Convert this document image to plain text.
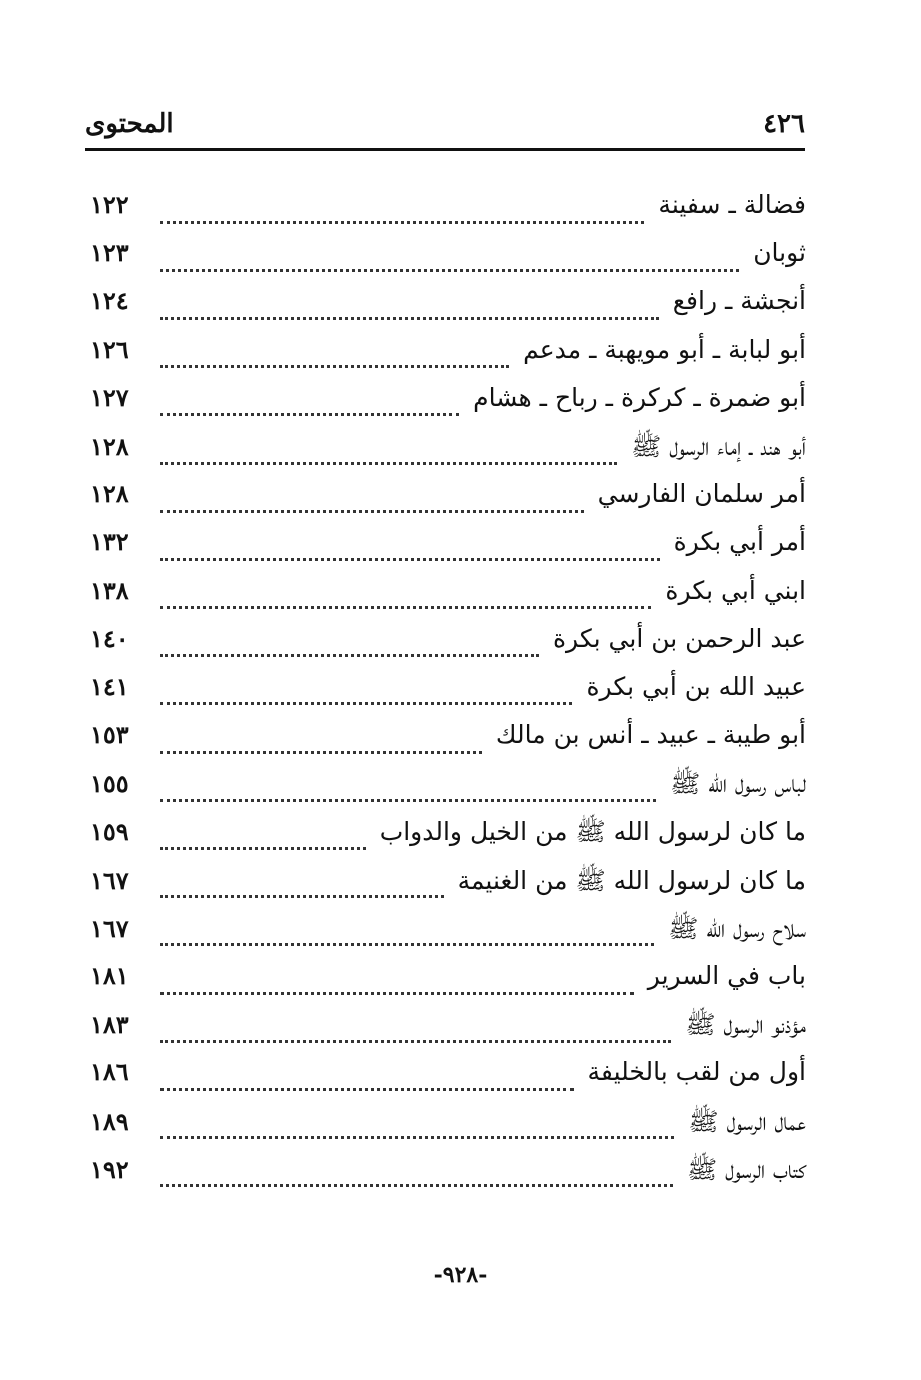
٤٢٦
المحتوى
فضالة ـ سفينة
١٢٢
ثوبان
١٢٣
أنجشة ـ رافع
١٢٤
أبو لبابة ـ أبو مويهبة ـ مدعم
١٢٦
أبو ضمرة ـ كركرة ـ رباح ـ هشام
١٢٧
أبو هند ـ إماء الرسول ﷺ
١٢٨
أمر سلمان الفارسي
١٢٨
أمر أبي بكرة
١٣٢
ابني أبي بكرة
١٣٨
عبد الرحمن بن أبي بكرة
١٤٠
عبيد الله بن أبي بكرة
١٤١
أبو طيبة ـ عبيد ـ أنس بن مالك
١٥٣
لباس رسول الله ﷺ
١٥٥
ما كان لرسول الله ﷺ من الخيل والدواب
١٥٩
ما كان لرسول الله ﷺ من الغنيمة
١٦٧
سلاح رسول الله ﷺ
١٦٧
باب في السرير
١٨١
مؤذنو الرسول ﷺ
١٨٣
أول من لقب بالخليفة
١٨٦
عمال الرسول ﷺ
١٨٩
كتاب الرسول ﷺ
١٩٢
-٩٢٨-
